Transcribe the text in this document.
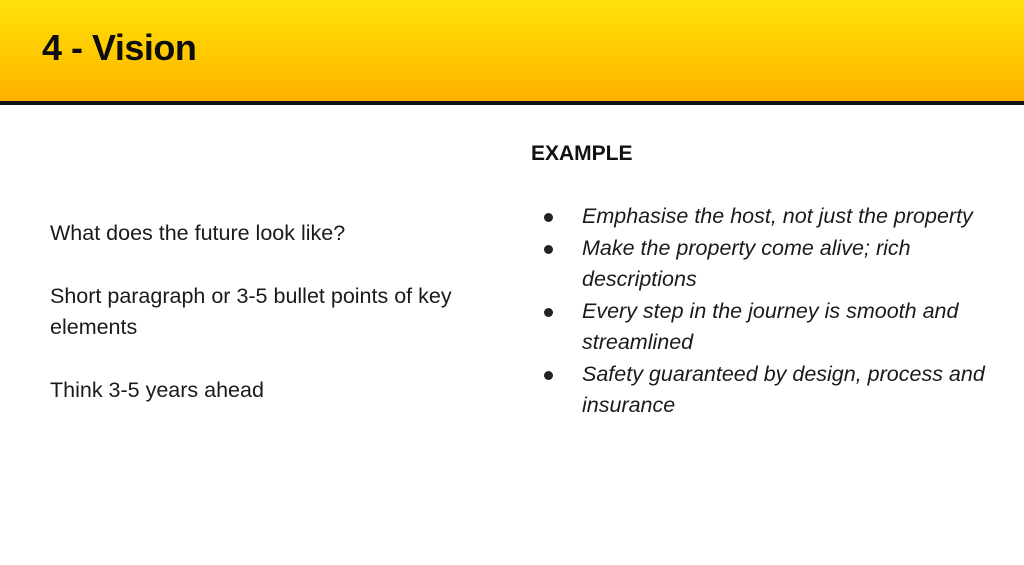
4 - Vision

What does the future look like?

Short paragraph or 3-5 bullet points of key elements

Think 3-5 years ahead

EXAMPLE
Emphasise the host, not just the property
Make the property come alive; rich descriptions
Every step in the journey is smooth and streamlined
Safety guaranteed by design, process and insurance
